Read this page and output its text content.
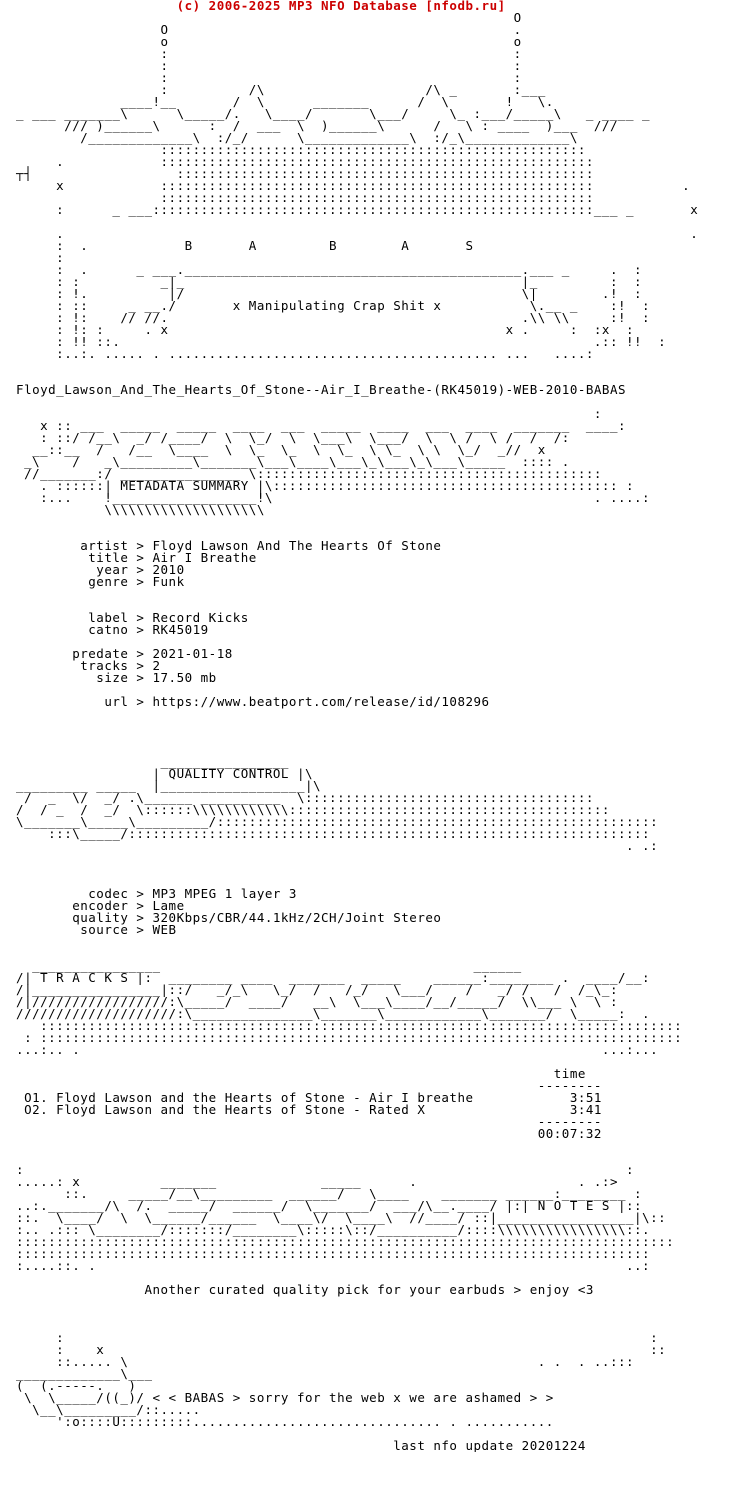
(c) 2006-2025 MP3 NFO Database [nfodb.ru]
O
O                                           .
o                                           o
:                                           :
:                                           :
:                                           :
:          /\                    /\ _       :___
____!__       /  \      _______      /  \       !   \.
_ ___ _______\      \_____/.   \____/       \___/     \_ :___/_____\   _ ____ _
/// )______\      :  /  ___  \  )______\      /   \ : ____  )___  ///
/_____________\  :/_/      \_____________\  :/_\_____________\
:::::::::::::::::::::::::::::::::::::::::::::::::::::
.            ::::::::::::::::::::::::::::::::::::::::::::::::::::::
┬┤                  ::::::::::::::::::::::::::::::::::::::::::::::::::::
x            ::::::::::::::::::::::::::::::::::::::::::::::::::::::           .
::::::::::::::::::::::::::::::::::::::::::::::::::::::
:      _ ___:::::::::::::::::::::::::::::::::::::::::::::::::::::::___ _       x

.                                                                              .
:  .            B       A         B        A       S
:
:  .      _ ___.__________________________________________.___ _     .  :
: :          _|_                                          |_         :  :
: !.          |/                                          \|        .!  :
: ::     _ __./       x Manipulating Crap Shit x           \.__ _    :!  :
: !:    // //.                                            .\\ \\     :!  :
: !: :     . x                                          x .     :  :x  :
: !! ::.                                                           .:: !!  :
:..:. ..... . ......................................... ...   ....:

Floyd_Lawson_And_The_Hearts_Of_Stone--Air_I_Breathe-(RK45019)-WEB-2010-BABAS

:
x :: ___  _____  _____  ____  ___  _____  ____  ___  ____  _______  ____:
: ::/ /__\  _/ /____/  \  \_/  \  \___\  \___/  \  \ /  \ /  /  /:
__::__  /   /__  \____  \  \_  \_  \  \_  \ \_  \ \  \_/  _//  x
_\    /   _\_________\_______\___\____\___\_\___\_\___\_____  :::: .
//_______:/ _______________ \:::::::::::::::::::::::::::::::::::::::::::
. ::::::| METADATA SUMMARY |\::::::::::::::::::::::::::::::::::::::::::: :
:...    !__________________!\                                        . ....:
\\\\\\\\\\\\\\\\\\\\

artist > Floyd Lawson And The Hearts Of Stone
title > Air I Breathe
year > 2010
genre > Funk

label > Record Kicks
catno > RK45019

predate > 2021-01-18
tracks > 2
size > 17.50 mb

url > https://www.beatport.com/release/id/108296

________________
| QUALITY CONTROL |\
_________ _____  |__________________|\
/  _  \/  _/ .\______ __________  \::::::::::::::::::::::::::::::::::::
/  / _  /  _/  \::::::\\\\\\\\\\\\::::::::::::::::::::::::::::::::::::::::
\_______\_____\_________/:::::::::::::::::::::::::::::::::::::::::::::::::::::::
:::\_____/:::::::::::::::::::::::::::::::::::::::::::::::::::::::::::::::::
. .:

codec > MP3 MPEG 1 layer 3
encoder > Lame
quality > 320Kbps/CBR/44.1kHz/2CH/Joint Stereo
source > WEB

________________                                       ______
/| T R A C K S |:  ________ ____  _______  _____    ______:________ .  ____/__:
/|________________|::/   _/_\   \_/  /   /_/   \___/    /   _/ /   /  /_\_:
/|/////////////////:\_____/  ____/   __\  \___\____/__/_____/  \\___ \  \ :
////////////////////:\_______________\_______\____________\_______/  \_____:  .
::::::::::::::::::::::::::::::::::::::::::::::::::::::::::::::::::::::::::::::::
: ::::::::::::::::::::::::::::::::::::::::::::::::::::::::::::::::::::::::::::::::
...:.. .                                                                 ...:...

time
--------
O1. Floyd Lawson and the Hearts of Stone - Air I breathe            3:51
O2. Floyd Lawson and the Hearts of Stone - Rated X                  3:41
--------
00:07:32

:                                                                           :
.....: x          _______             _____      .                    . .:>
::.     _____/__\_________  ______/   \____    _______ ______:________ :
..:._______/\  /.  _____/  ______/  \_______/  ___/\__.____/ |:| N O T E S |::
::.  \____/  \  \______/______  \____\/  \____\  //____/ ::|_________________|\::
:.. .::: \________/:::::::/________\:::::\::/__________/::::\\\\\\\\\\\\\\\\::.
::::::::::::::::::::::::::::::::::::::::::::::::::::::::::::::::::::::::::::::::::
:::::::::::::::::::::::::::::::::::::::::::::::::::::::::::::::::::::::::::::::
:....::. .                                                                  ..:

Another curated quality pick for your earbuds > enjoy <3

:                                                                         :
:    x                                                                    ::
::..... \                                                   . .  . ..:::
_____________\___
(  (.-----.   )
\  \_____/((_)/ < < BABAS > sorry for the web x we are ashamed > >
\__\_________/::.....
':o::::U:::::::::............................... . ...........

last nfo update 20201224
